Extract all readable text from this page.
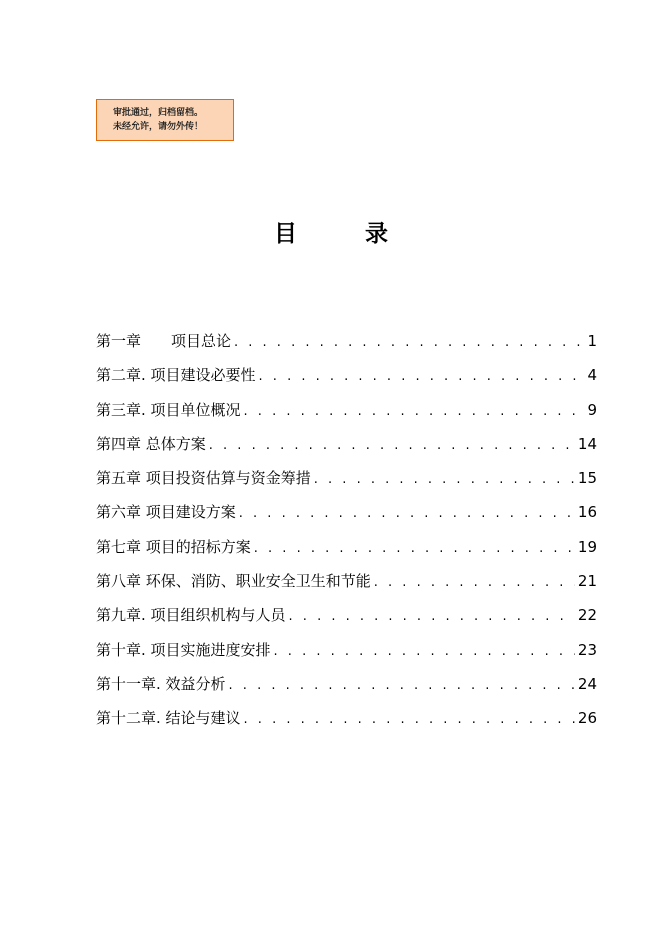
审批通过，归档留档。
未经允许，请勿外传！
目	录
第一章　　项目总论 . . .	1
第二章. 项目建设必要性 . . .	4
第三章. 项目单位概况 . . .	9
第四章 总体方案 . . .	14
第五章 项目投资估算与资金筹措 . . .	15
第六章 项目建设方案 . . .	16
第七章 项目的招标方案 . . .	19
第八章 环保、消防、职业安全卫生和节能 . . .	21
第九章. 项目组织机构与人员 . . .	22
第十章. 项目实施进度安排 . . .	23
第十一章. 效益分析 . . .	24
第十二章. 结论与建议 . . .	26
